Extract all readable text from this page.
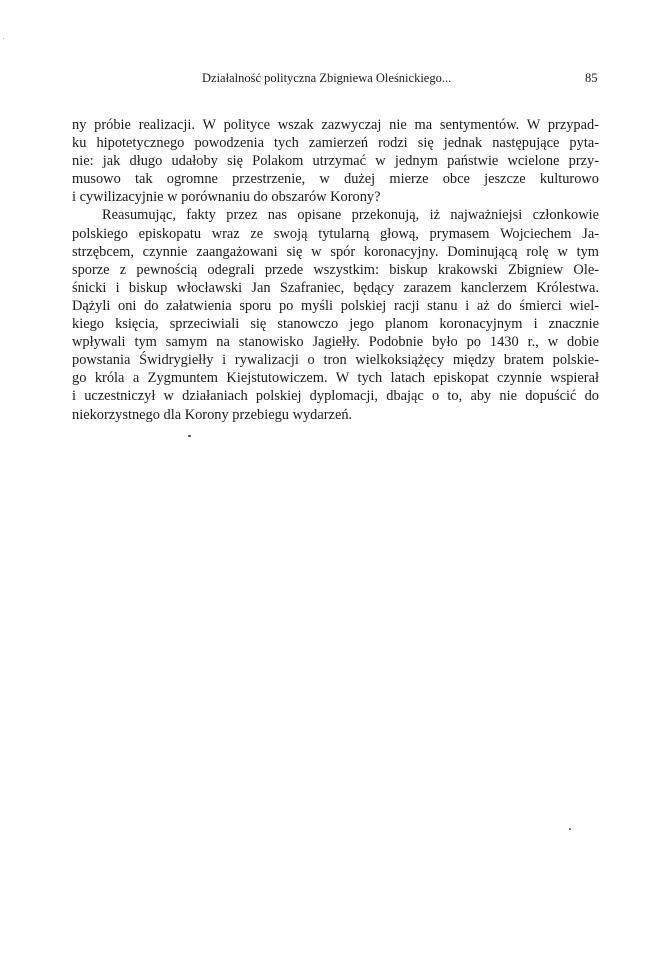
Działalność polityczna Zbigniewa Oleśnickiego...	85
ny próbie realizacji. W polityce wszak zazwyczaj nie ma sentymentów. W przypad-
ku hipotetycznego powodzenia tych zamierzeń rodzi się jednak następujące pyta-
nie: jak długo udałoby się Polakom utrzymać w jednym państwie wcielone przy-
musowo tak ogromne przestrzenie, w dużej mierze obce jeszcze kulturowo
i cywilizacyjnie w porównaniu do obszarów Korony?
Reasumując, fakty przez nas opisane przekonują, iż najważniejsi członkowie
polskiego episkopatu wraz ze swoją tytularną głową, prymasem Wojciechem Ja-
strzębcem, czynnie zaangażowani się w spór koronacyjny. Dominującą rolę w tym
sporze z pewnością odegrali przede wszystkim: biskup krakowski Zbigniew Ole-
śnicki i biskup włocławski Jan Szafraniec, będący zarazem kanclerzem Królestwa.
Dążyli oni do załatwienia sporu po myśli polskiej racji stanu i aż do śmierci wiel-
kiego księcia, sprzeciwiali się stanowczo jego planom koronacyjnym i znacznie
wpływali tym samym na stanowisko Jagiełły. Podobnie było po 1430 r., w dobie
powstania Świdrygiełły i rywalizacji o tron wielkoksiążęcy między bratem polskie-
go króla a Zygmuntem Kiejstutowiczem. W tych latach episkopat czynnie wspierał
i uczestniczył w działaniach polskiej dyplomacji, dbając o to, aby nie dopuścić do
niekorzystnego dla Korony przebiegu wydarzeń.
